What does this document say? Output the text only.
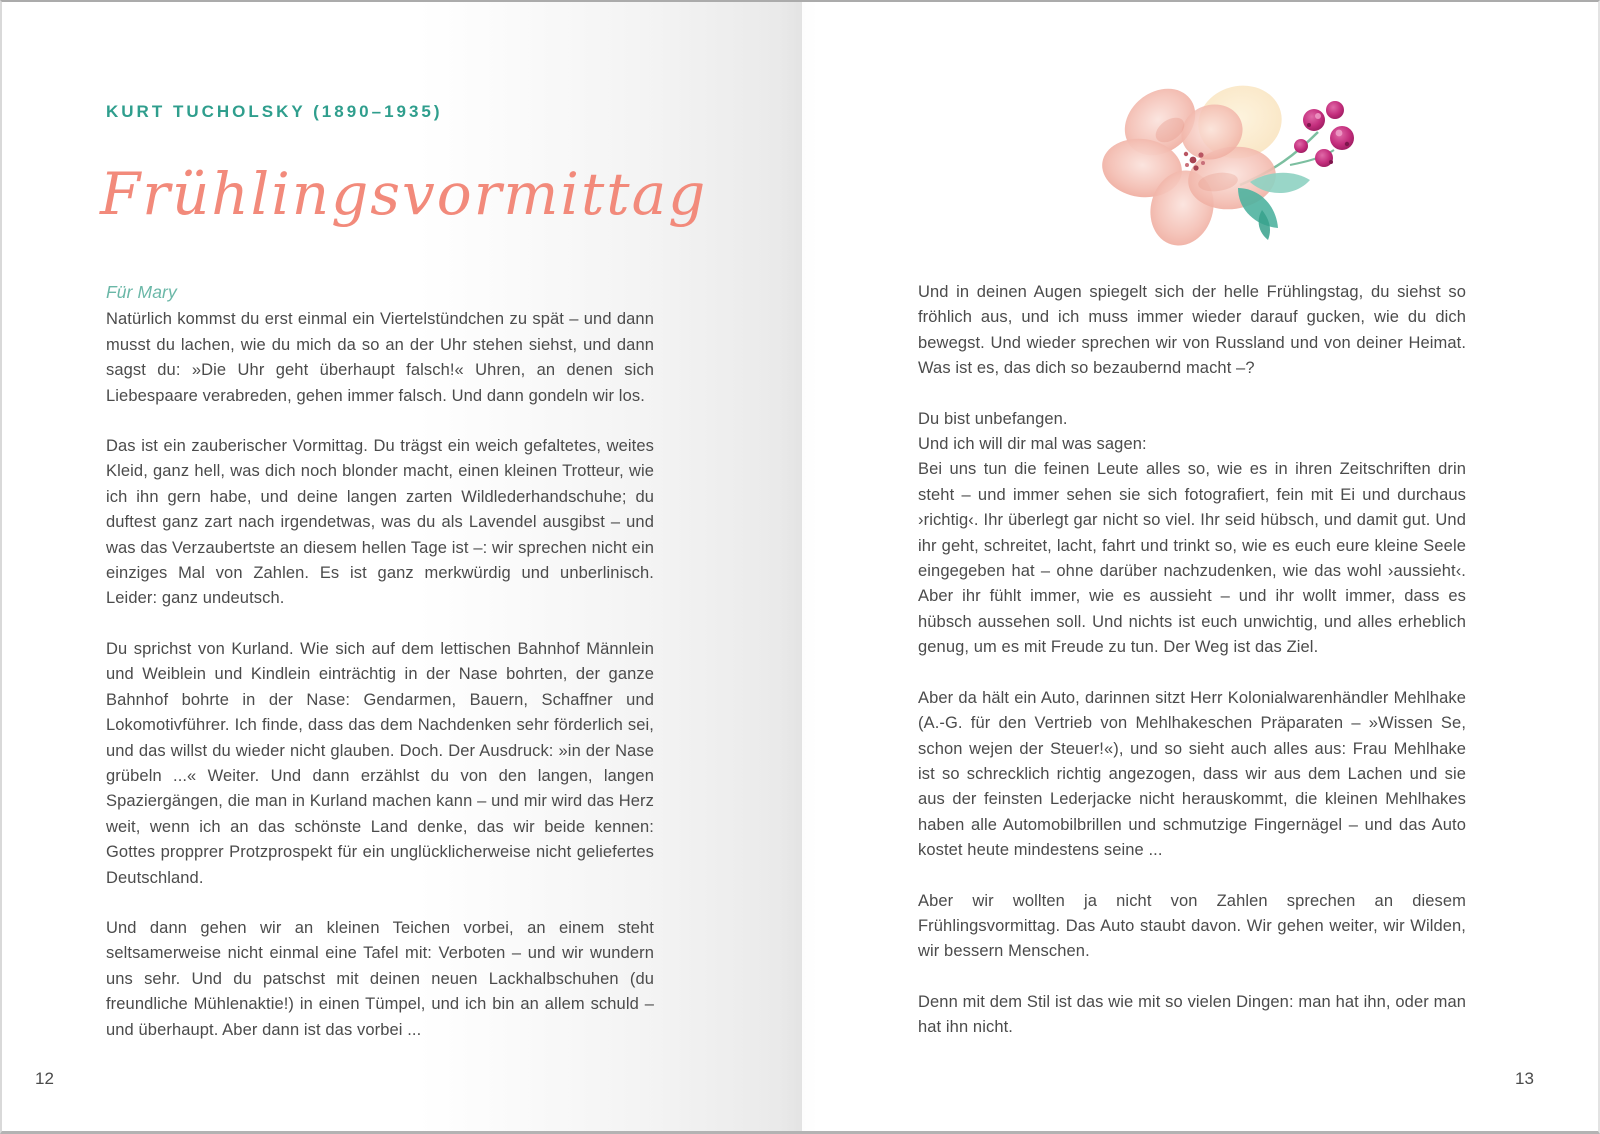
KURT TUCHOLSKY (1890–1935)
Frühlingsvormittag

Für Mary

Natürlich kommst du erst einmal ein Viertelstündchen zu spät – und dann musst du lachen, wie du mich da so an der Uhr stehen siehst, und dann sagst du: »Die Uhr geht überhaupt falsch!« Uhren, an denen sich Liebespaare verabreden, gehen immer falsch. Und dann gondeln wir los.

Das ist ein zauberischer Vormittag. Du trägst ein weich gefaltetes, weites Kleid, ganz hell, was dich noch blonder macht, einen kleinen Trotteur, wie ich ihn gern habe, und deine langen zarten Wildlederhandschuhe; du duftest ganz zart nach irgendetwas, was du als Lavendel ausgibst – und was das Verzaubertste an diesem hellen Tage ist –: wir sprechen nicht ein einziges Mal von Zahlen. Es ist ganz merkwürdig und unberlinisch. Leider: ganz undeutsch.

Du sprichst von Kurland. Wie sich auf dem lettischen Bahnhof Männlein und Weiblein und Kindlein einträchtig in der Nase bohrten, der ganze Bahnhof bohrte in der Nase: Gendarmen, Bauern, Schaffner und Lokomotivführer. Ich finde, dass das dem Nachdenken sehr förderlich sei, und das willst du wieder nicht glauben. Doch. Der Ausdruck: »in der Nase grübeln ...« Weiter. Und dann erzählst du von den langen, langen Spaziergängen, die man in Kurland machen kann – und mir wird das Herz weit, wenn ich an das schönste Land denke, das wir beide kennen: Gottes propprer Protzprospekt für ein unglücklicherweise nicht geliefertes Deutschland.

Und dann gehen wir an kleinen Teichen vorbei, an einem steht seltsamerweise nicht einmal eine Tafel mit: Verboten – und wir wundern uns sehr. Und du patschst mit deinen neuen Lackhalbschuhen (du freundliche Mühlenaktie!) in einen Tümpel, und ich bin an allem schuld – und überhaupt. Aber dann ist das vorbei ...

Und in deinen Augen spiegelt sich der helle Frühlingstag, du siehst so fröhlich aus, und ich muss immer wieder darauf gucken, wie du dich bewegst. Und wieder sprechen wir von Russland und von deiner Heimat. Was ist es, das dich so bezaubernd macht –?

Du bist unbefangen.

Und ich will dir mal was sagen:

Bei uns tun die feinen Leute alles so, wie es in ihren Zeitschriften drin steht – und immer sehen sie sich fotografiert, fein mit Ei und durchaus ›richtig‹. Ihr überlegt gar nicht so viel. Ihr seid hübsch, und damit gut. Und ihr geht, schreitet, lacht, fahrt und trinkt so, wie es euch eure kleine Seele eingegeben hat – ohne darüber nachzudenken, wie das wohl ›aussieht‹. Aber ihr fühlt immer, wie es aussieht – und ihr wollt immer, dass es hübsch aussehen soll. Und nichts ist euch unwichtig, und alles erheblich genug, um es mit Freude zu tun. Der Weg ist das Ziel.

Aber da hält ein Auto, darinnen sitzt Herr Kolonialwarenhändler Mehlhake (A.-G. für den Vertrieb von Mehlhakeschen Präparaten – »Wissen Se, schon wejen der Steuer!«), und so sieht auch alles aus: Frau Mehlhake ist so schrecklich richtig angezogen, dass wir aus dem Lachen und sie aus der feinsten Lederjacke nicht herauskommt, die kleinen Mehlhakes haben alle Automobilbrillen und schmutzige Fingernägel – und das Auto kostet heute mindestens seine ...

Aber wir wollten ja nicht von Zahlen sprechen an diesem Frühlingsvormittag. Das Auto staubt davon. Wir gehen weiter, wir Wilden, wir bessern Menschen.

Denn mit dem Stil ist das wie mit so vielen Dingen: man hat ihn, oder man hat ihn nicht.

12	13
